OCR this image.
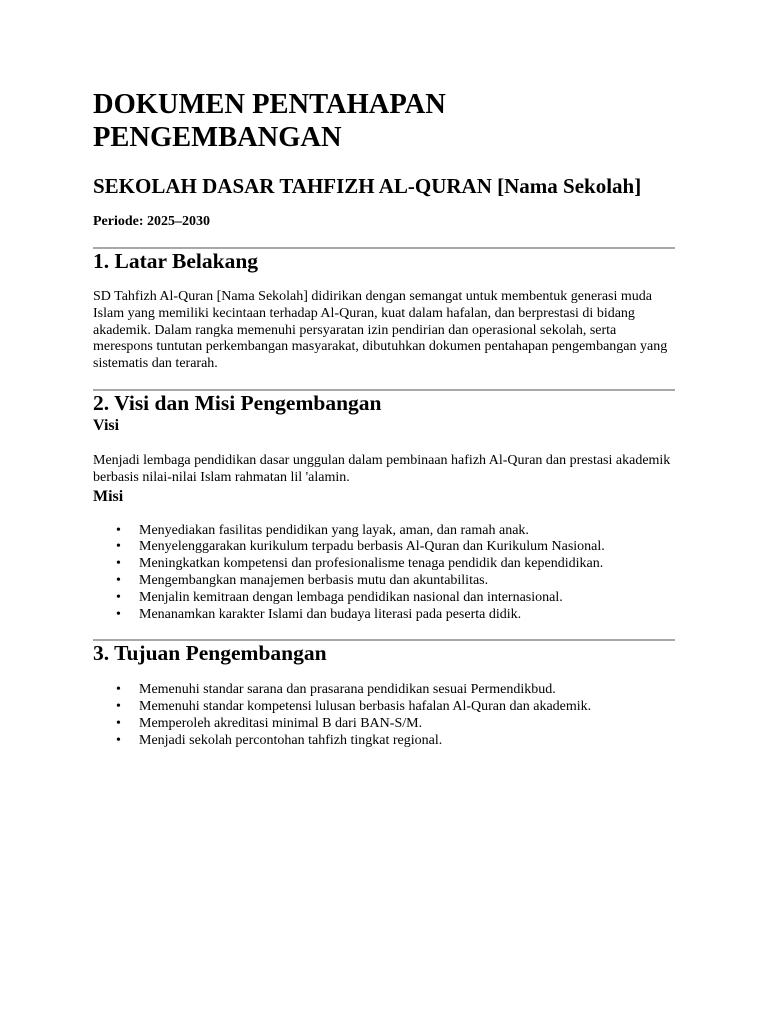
DOKUMEN PENTAHAPAN PENGEMBANGAN
SEKOLAH DASAR TAHFIZH AL-QURAN [Nama Sekolah]

Periode: 2025–2030

1. Latar Belakang

SD Tahfizh Al-Quran [Nama Sekolah] didirikan dengan semangat untuk membentuk generasi muda Islam yang memiliki kecintaan terhadap Al-Quran, kuat dalam hafalan, dan berprestasi di bidang akademik. Dalam rangka memenuhi persyaratan izin pendirian dan operasional sekolah, serta merespons tuntutan perkembangan masyarakat, dibutuhkan dokumen pentahapan pengembangan yang sistematis dan terarah.

2. Visi dan Misi Pengembangan
Visi

Menjadi lembaga pendidikan dasar unggulan dalam pembinaan hafizh Al-Quran dan prestasi akademik berbasis nilai-nilai Islam rahmatan lil 'alamin.

Misi
• Menyediakan fasilitas pendidikan yang layak, aman, dan ramah anak.
• Menyelenggarakan kurikulum terpadu berbasis Al-Quran dan Kurikulum Nasional.
• Meningkatkan kompetensi dan profesionalisme tenaga pendidik dan kependidikan.
• Mengembangkan manajemen berbasis mutu dan akuntabilitas.
• Menjalin kemitraan dengan lembaga pendidikan nasional dan internasional.
• Menanamkan karakter Islami dan budaya literasi pada peserta didik.
3. Tujuan Pengembangan
• Memenuhi standar sarana dan prasarana pendidikan sesuai Permendikbud.
• Memenuhi standar kompetensi lulusan berbasis hafalan Al-Quran dan akademik.
• Memperoleh akreditasi minimal B dari BAN-S/M.
• Menjadi sekolah percontohan tahfizh tingkat regional.
